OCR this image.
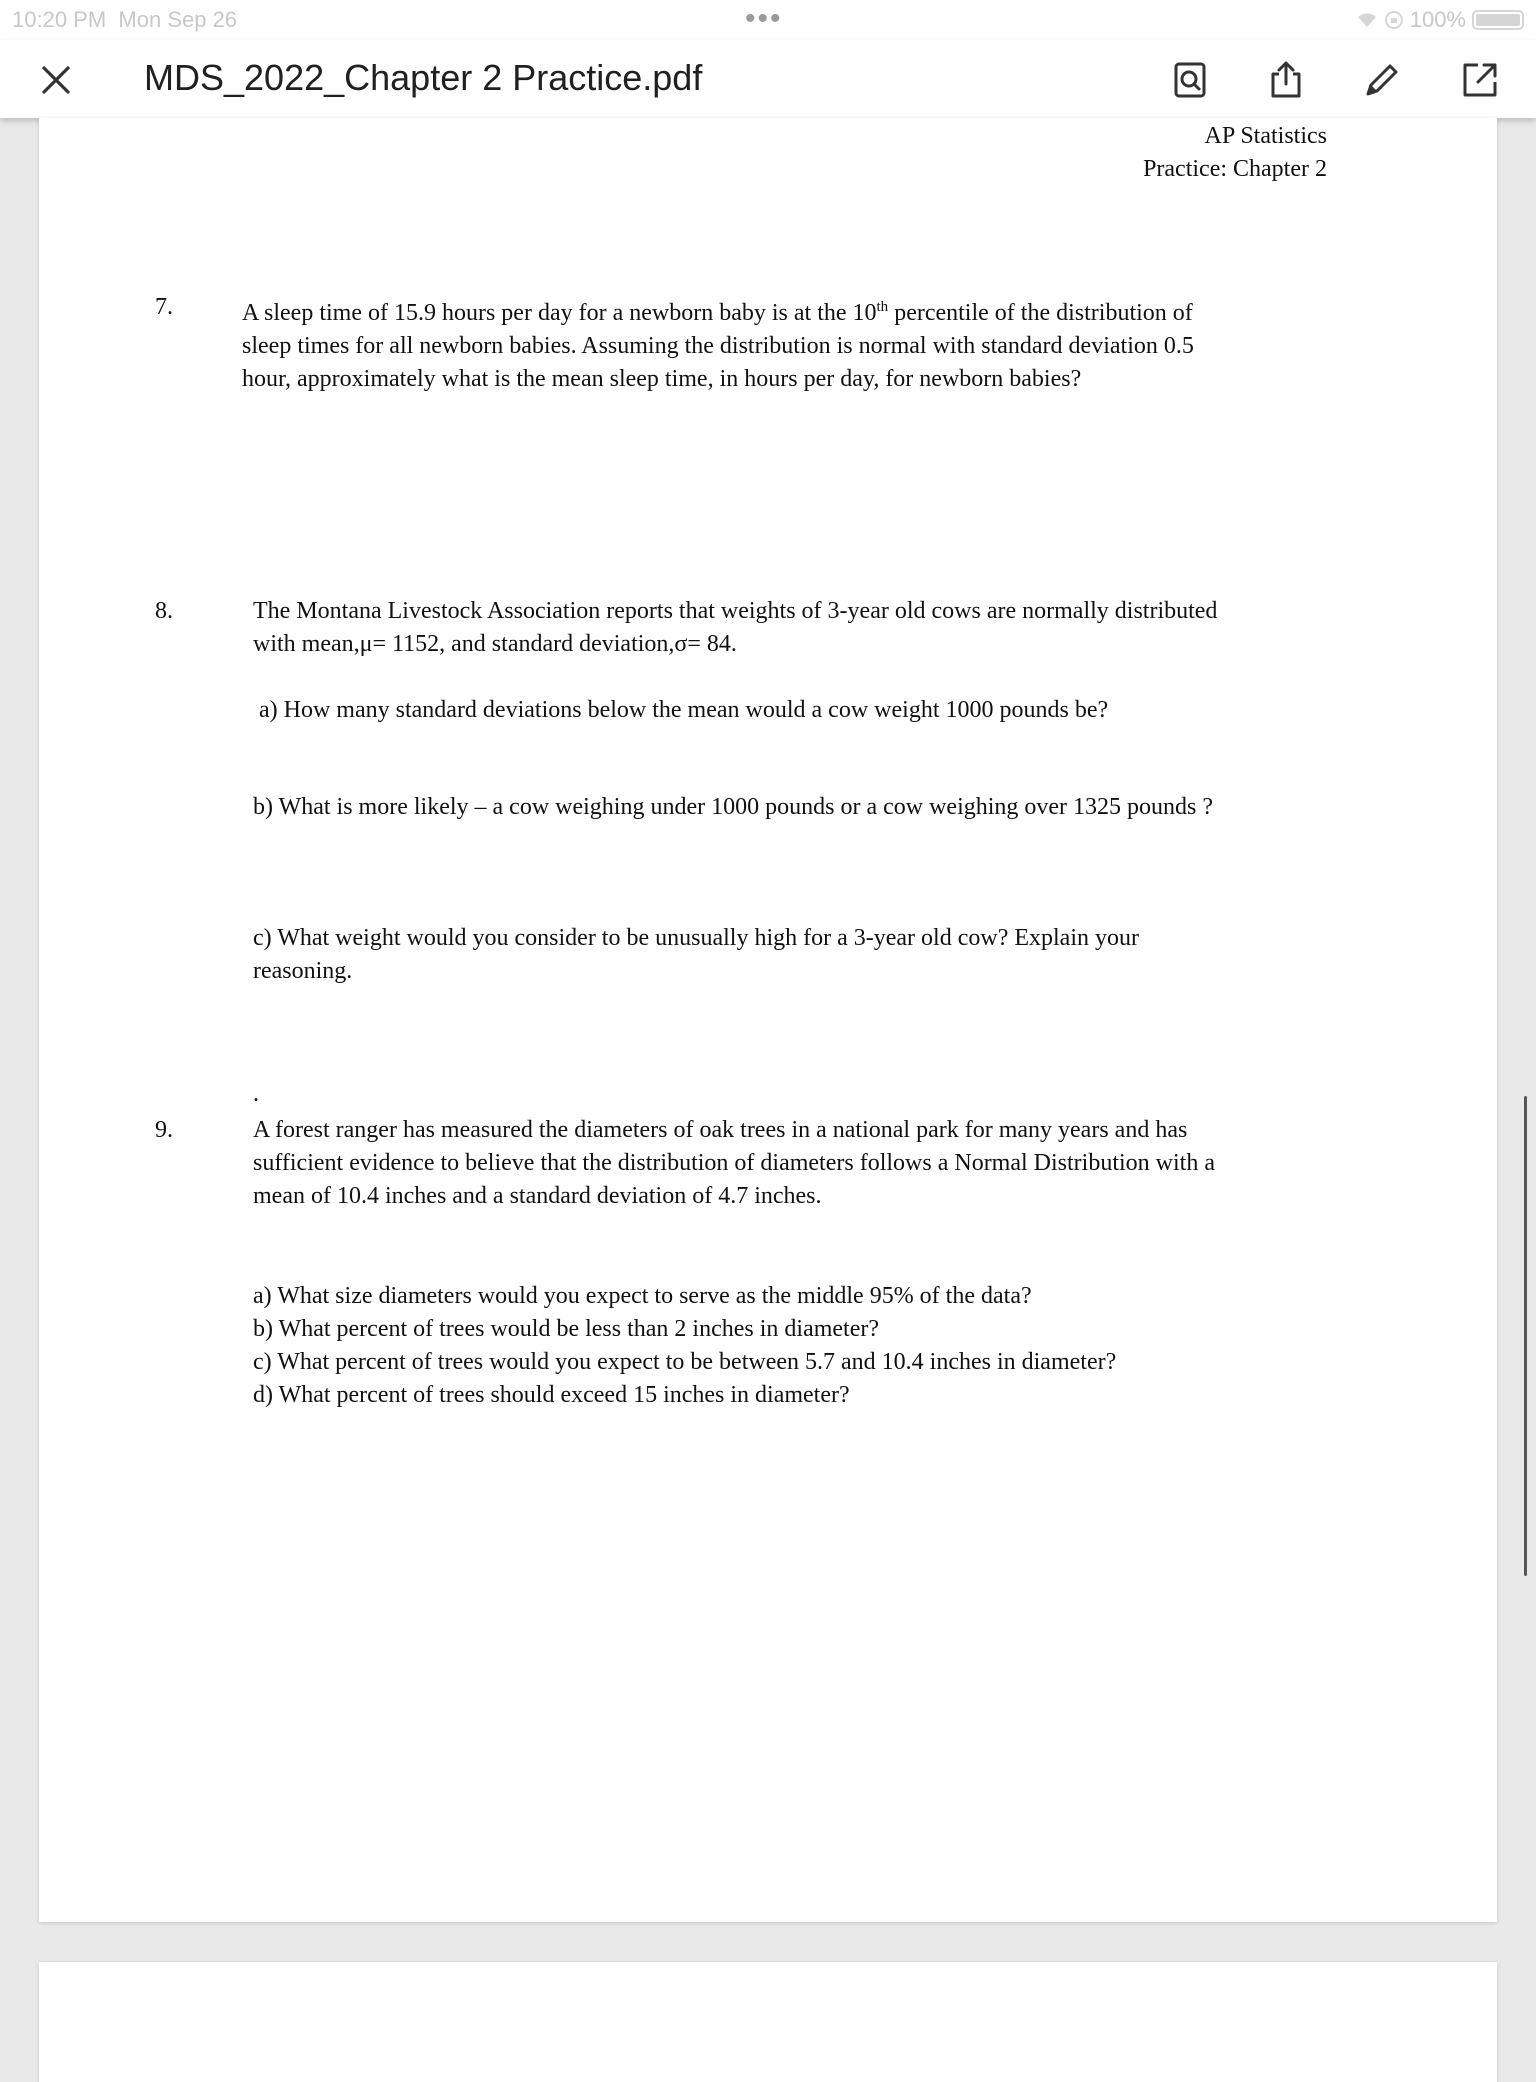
10:20 PM Mon Sep 26	•••	100%
MDS_2022_Chapter 2 Practice.pdf
AP Statistics
Practice: Chapter 2
7.	A sleep time of 15.9 hours per day for a newborn baby is at the 10th percentile of the distribution of
sleep times for all newborn babies. Assuming the distribution is normal with standard deviation 0.5
hour, approximately what is the mean sleep time, in hours per day, for newborn babies?
8.	The Montana Livestock Association reports that weights of 3-year old cows are normally distributed
with mean,μ= 1152, and standard deviation,σ= 84.
a) How many standard deviations below the mean would a cow weight 1000 pounds be?
b) What is more likely – a cow weighing under 1000 pounds or a cow weighing over 1325 pounds ?
c) What weight would you consider to be unusually high for a 3-year old cow? Explain your
reasoning.
.
9.	A forest ranger has measured the diameters of oak trees in a national park for many years and has
sufficient evidence to believe that the distribution of diameters follows a Normal Distribution with a
mean of 10.4 inches and a standard deviation of 4.7 inches.
a) What size diameters would you expect to serve as the middle 95% of the data?
b) What percent of trees would be less than 2 inches in diameter?
c) What percent of trees would you expect to be between 5.7 and 10.4 inches in diameter?
d) What percent of trees should exceed 15 inches in diameter?
